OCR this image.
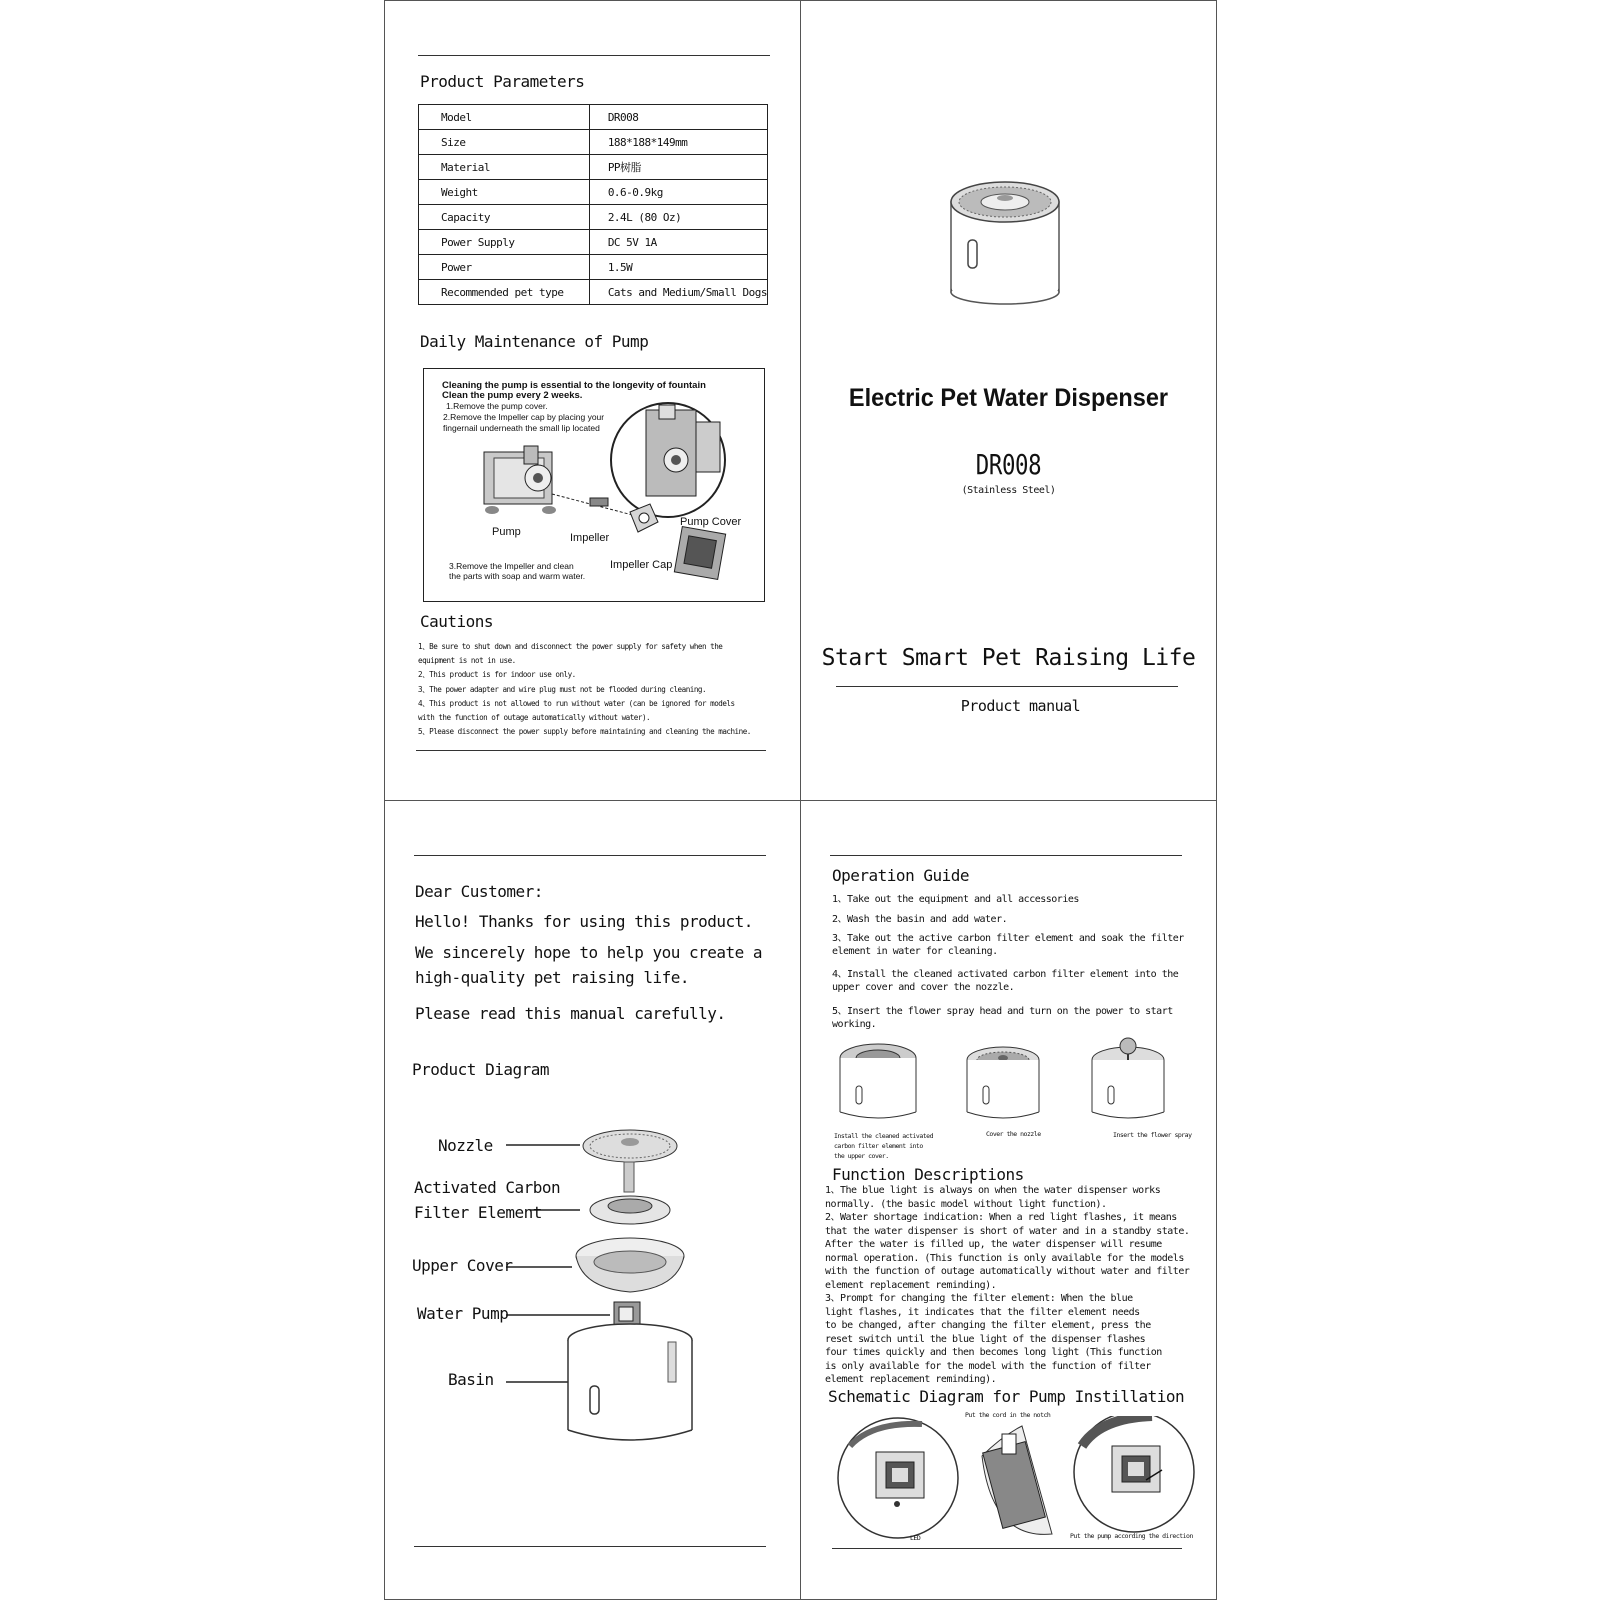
Product Parameters
Model	DR008
Size	188*188*149mm
Material	PP树脂
Weight	0.6-0.9kg
Capacity	2.4L (80 Oz)
Power Supply	DC 5V 1A
Power	1.5W
Recommended pet type	Cats and Medium/Small Dogs
Daily Maintenance of Pump
Cleaning the pump is essential to the longevity of fountain
Clean the pump every 2 weeks.
1.Remove the pump cover.
2.Remove the Impeller cap by placing your
fingernail underneath the small lip located
Pump	Impeller
Pump Cover
Impeller Cap
3.Remove the Impeller and clean
the parts with soap and warm water.
Cautions
1、Be sure to shut down and disconnect the power supply for safety when the
equipment is not in use.
2、This product is for indoor use only.
3、The power adapter and wire plug must not be flooded during cleaning.
4、This product is not allowed to run without water (can be ignored for models
with the function of outage automatically without water).
5、Please disconnect the power supply before maintaining and cleaning the machine.
Electric Pet Water Dispenser
DR008
(Stainless Steel)
Start Smart Pet Raising Life
Product manual
Dear Customer:
Hello! Thanks for using this product.
We sincerely hope to help you create a
high-quality pet raising life.
Please read this manual carefully.
Product Diagram
Nozzle
Activated Carbon
Filter Element
Upper Cover
Water Pump
Basin
Operation Guide
1、Take out the equipment and all accessories
2、Wash the basin and add water.
3、Take out the active carbon filter element and soak the filter
element in water for cleaning.
4、Install the cleaned activated carbon filter element into the
upper cover and cover the nozzle.
5、Insert the flower spray head and turn on the power to start
working.
Install the cleaned activated
carbon filter element into
the upper cover.
Cover the nozzle	Insert the flower spray
Function Descriptions
1、The blue light is always on when the water dispenser works
normally. (the basic model without light function).
2、Water shortage indication: When a red light flashes, it means
that the water dispenser is short of water and in a standby state.
After the water is filled up, the water dispenser will resume
normal operation. (This function is only available for the models
with the function of outage automatically without water and filter
element replacement reminding).
3、Prompt for changing the filter element: When the blue
light flashes, it indicates that the filter element needs
to be changed, after changing the filter element, press the
reset switch until the blue light of the dispenser flashes
four times quickly and then becomes long light (This function
is only available for the model with the function of filter
element replacement reminding).
Schematic Diagram for Pump Instillation
Put the cord in the notch
LED	Put the pump according the direction
